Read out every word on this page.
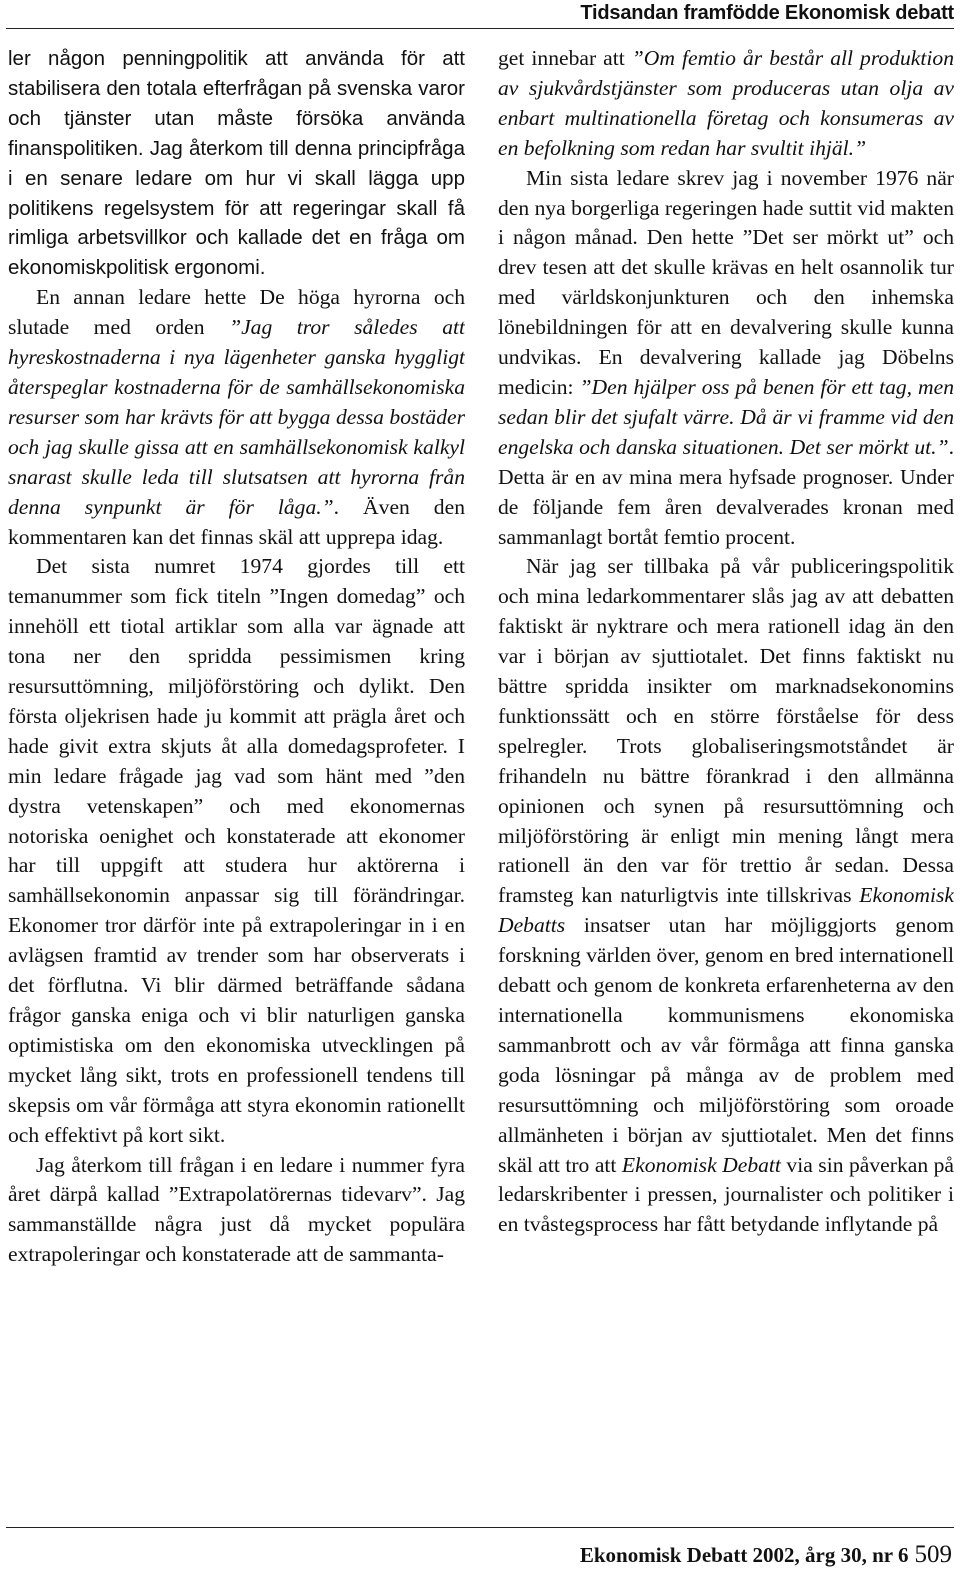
Tidsandan framfödde Ekonomisk debatt

ler någon penningpolitik att använda för att stabilisera den totala efterfrågan på svenska varor och tjänster utan måste försöka använda finanspolitiken. Jag återkom till denna principfråga i en senare ledare om hur vi skall lägga upp politikens regelsystem för att regeringar skall få rimliga arbetsvillkor och kallade det en fråga om ekonomiskpolitisk ergonomi.

En annan ledare hette De höga hyrorna och slutade med orden ”Jag tror således att hyreskostnaderna i nya lägenheter ganska hyggligt återspeglar kostnaderna för de samhällsekonomiska resurser som har krävts för att bygga dessa bostäder och jag skulle gissa att en samhällsekonomisk kalkyl snarast skulle leda till slutsatsen att hyrorna från denna synpunkt är för låga.”. Även den kommentaren kan det finnas skäl att upprepa idag.

Det sista numret 1974 gjordes till ett temanummer som fick titeln ”Ingen domedag” och innehöll ett tiotal artiklar som alla var ägnade att tona ner den spridda pessimismen kring resursuttömning, miljöförstöring och dylikt. Den första oljekrisen hade ju kommit att prägla året och hade givit extra skjuts åt alla domedagsprofeter. I min ledare frågade jag vad som hänt med ”den dystra vetenskapen” och med ekonomernas notoriska oenighet och konstaterade att ekonomer har till uppgift att studera hur aktörerna i samhällsekonomin anpassar sig till förändringar. Ekonomer tror därför inte på extrapoleringar in i en avlägsen framtid av trender som har observerats i det förflutna. Vi blir därmed beträffande sådana frågor ganska eniga och vi blir naturligen ganska optimistiska om den ekonomiska utvecklingen på mycket lång sikt, trots en professionell tendens till skepsis om vår förmåga att styra ekonomin rationellt och effektivt på kort sikt.

Jag återkom till frågan i en ledare i nummer fyra året därpå kallad ”Extrapolatörernas tidevarv”. Jag sammanställde några just då mycket populära extrapoleringar och konstaterade att de sammanta-

get innebar att ”Om femtio år består all produktion av sjukvårdstjänster som produceras utan olja av enbart multinationella företag och konsumeras av en befolkning som redan har svultit ihjäl.”

Min sista ledare skrev jag i november 1976 när den nya borgerliga regeringen hade suttit vid makten i någon månad. Den hette ”Det ser mörkt ut” och drev tesen att det skulle krävas en helt osannolik tur med världskonjunkturen och den inhemska lönebildningen för att en devalvering skulle kunna undvikas. En devalvering kallade jag Döbelns medicin: ”Den hjälper oss på benen för ett tag, men sedan blir det sjufalt värre. Då är vi framme vid den engelska och danska situationen. Det ser mörkt ut.”. Detta är en av mina mera hyfsade prognoser. Under de följande fem åren devalverades kronan med sammanlagt bortåt femtio procent.

När jag ser tillbaka på vår publiceringspolitik och mina ledarkommentarer slås jag av att debatten faktiskt är nyktrare och mera rationell idag än den var i början av sjuttiotalet. Det finns faktiskt nu bättre spridda insikter om marknadsekonomins funktionssätt och en större förståelse för dess spelregler. Trots globaliseringsmotståndet är frihandeln nu bättre förankrad i den allmänna opinionen och synen på resursuttömning och miljöförstöring är enligt min mening långt mera rationell än den var för trettio år sedan. Dessa framsteg kan naturligtvis inte tillskrivas Ekonomisk Debatts insatser utan har möjliggjorts genom forskning världen över, genom en bred internationell debatt och genom de konkreta erfarenheterna av den internationella kommunismens ekonomiska sammanbrott och av vår förmåga att finna ganska goda lösningar på många av de problem med resursuttömning och miljöförstöring som oroade allmänheten i början av sjuttiotalet. Men det finns skäl att tro att Ekonomisk Debatt via sin påverkan på ledarskribenter i pressen, journalister och politiker i en tvåstegsprocess har fått betydande inflytande på

Ekonomisk Debatt 2002, årg 30, nr 6 509
